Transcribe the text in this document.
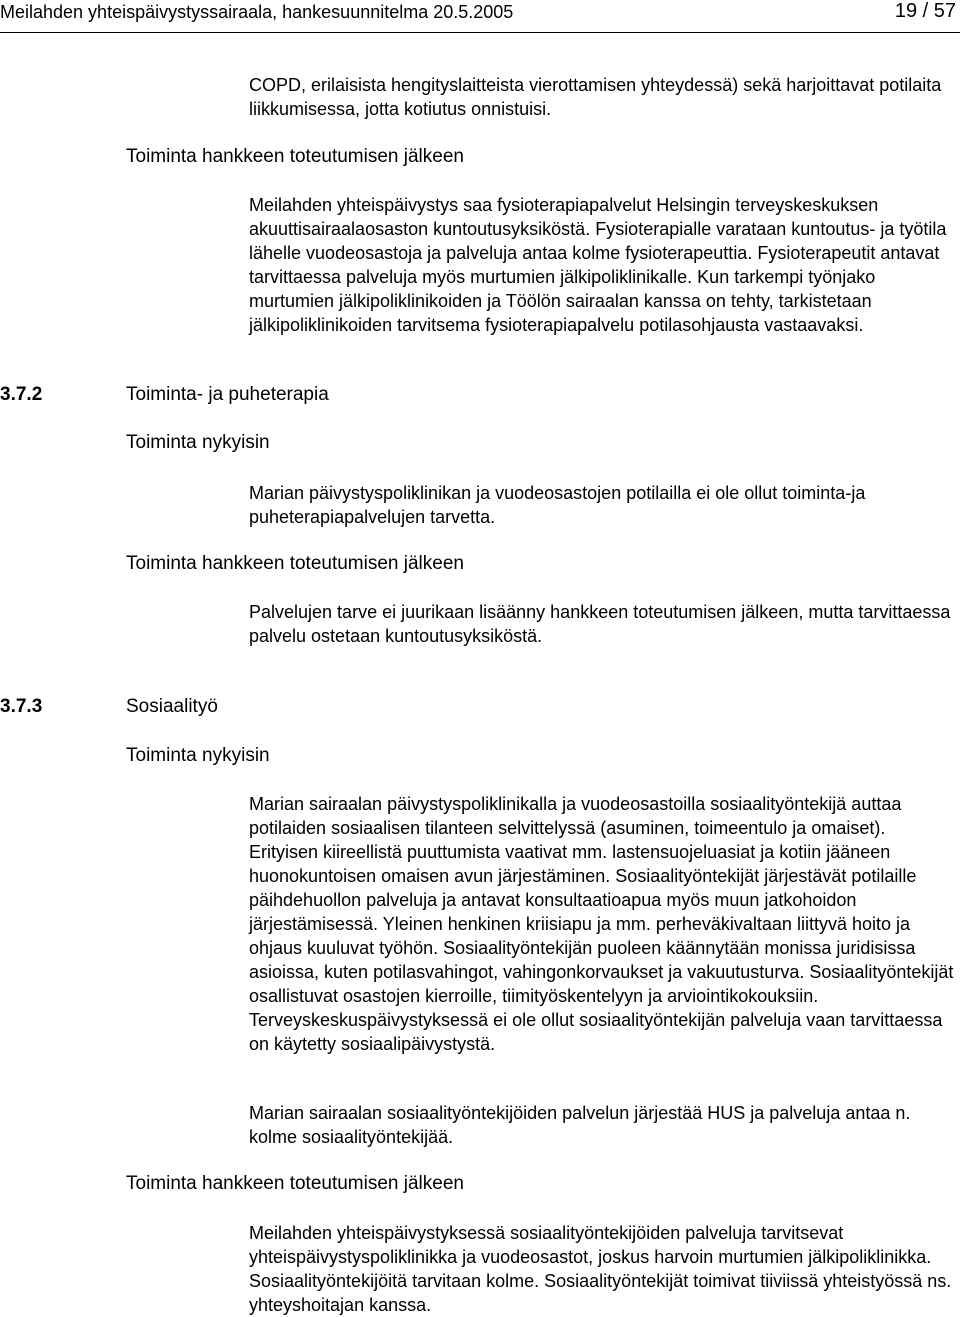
Meilahden yhteispäivystyssairaala, hankesuunnitelma 20.5.2005	19 / 57

COPD, erilaisista hengityslaitteista vierottamisen yhteydessä) sekä harjoittavat potilaita liikkumisessa, jotta kotiutus onnistuisi.

Toiminta hankkeen toteutumisen jälkeen

Meilahden yhteispäivystys saa fysioterapiapalvelut Helsingin terveyskeskuksen akuuttisairaalaosaston kuntoutusyksiköstä. Fysioterapialle varataan kuntoutus- ja työtila lähelle vuodeosastoja ja palveluja antaa kolme fysioterapeuttia. Fysioterapeutit antavat tarvittaessa palveluja myös murtumien jälkipoliklinikalle. Kun tarkempi työnjako murtumien jälkipoliklinikoiden ja Töölön sairaalan kanssa on tehty, tarkistetaan jälkipoliklinikoiden tarvitsema fysioterapiapalvelu potilasohjausta vastaavaksi.

3.7.2	Toiminta- ja puheterapia
Toiminta nykyisin

Marian päivystyspoliklinikan ja vuodeosastojen potilailla ei ole ollut toiminta-ja puheterapiapalvelujen tarvetta.

Toiminta hankkeen toteutumisen jälkeen

Palvelujen tarve ei juurikaan lisäänny hankkeen toteutumisen jälkeen, mutta tarvittaessa palvelu ostetaan kuntoutusyksiköstä.

3.7.3	Sosiaalityö
Toiminta nykyisin

Marian sairaalan päivystyspoliklinikalla ja vuodeosastoilla sosiaalityöntekijä auttaa potilaiden sosiaalisen tilanteen selvittelyssä (asuminen, toimeentulo ja omaiset). Erityisen kiireellistä puuttumista vaativat mm. lastensuojeluasiat ja kotiin jääneen huonokuntoisen omaisen avun järjestäminen. Sosiaalityöntekijät järjestävät potilaille päihdehuollon palveluja ja antavat konsultaatioapua myös muun jatkohoidon järjestämisessä. Yleinen henkinen kriisiapu ja mm. perheväkivaltaan liittyvä hoito ja ohjaus kuuluvat työhön. Sosiaalityöntekijän puoleen käännytään monissa juridisissa asioissa, kuten potilasvahingot, vahingonkorvaukset ja vakuutusturva. Sosiaalityöntekijät osallistuvat osastojen kierroille, tiimityöskentelyyn ja arviointikokouksiin. Terveyskeskuspäivystyksessä ei ole ollut sosiaalityöntekijän palveluja vaan tarvittaessa on käytetty sosiaalipäivystystä.

Marian sairaalan sosiaalityöntekijöiden palvelun järjestää HUS ja palveluja antaa n. kolme sosiaalityöntekijää.

Toiminta hankkeen toteutumisen jälkeen

Meilahden yhteispäivystyksessä sosiaalityöntekijöiden palveluja tarvitsevat yhteispäivystyspoliklinikka ja vuodeosastot, joskus harvoin murtumien jälkipoliklinikka. Sosiaalityöntekijöitä tarvitaan kolme. Sosiaalityöntekijät toimivat tiiviissä yhteistyössä ns. yhteyshoitajan kanssa.
